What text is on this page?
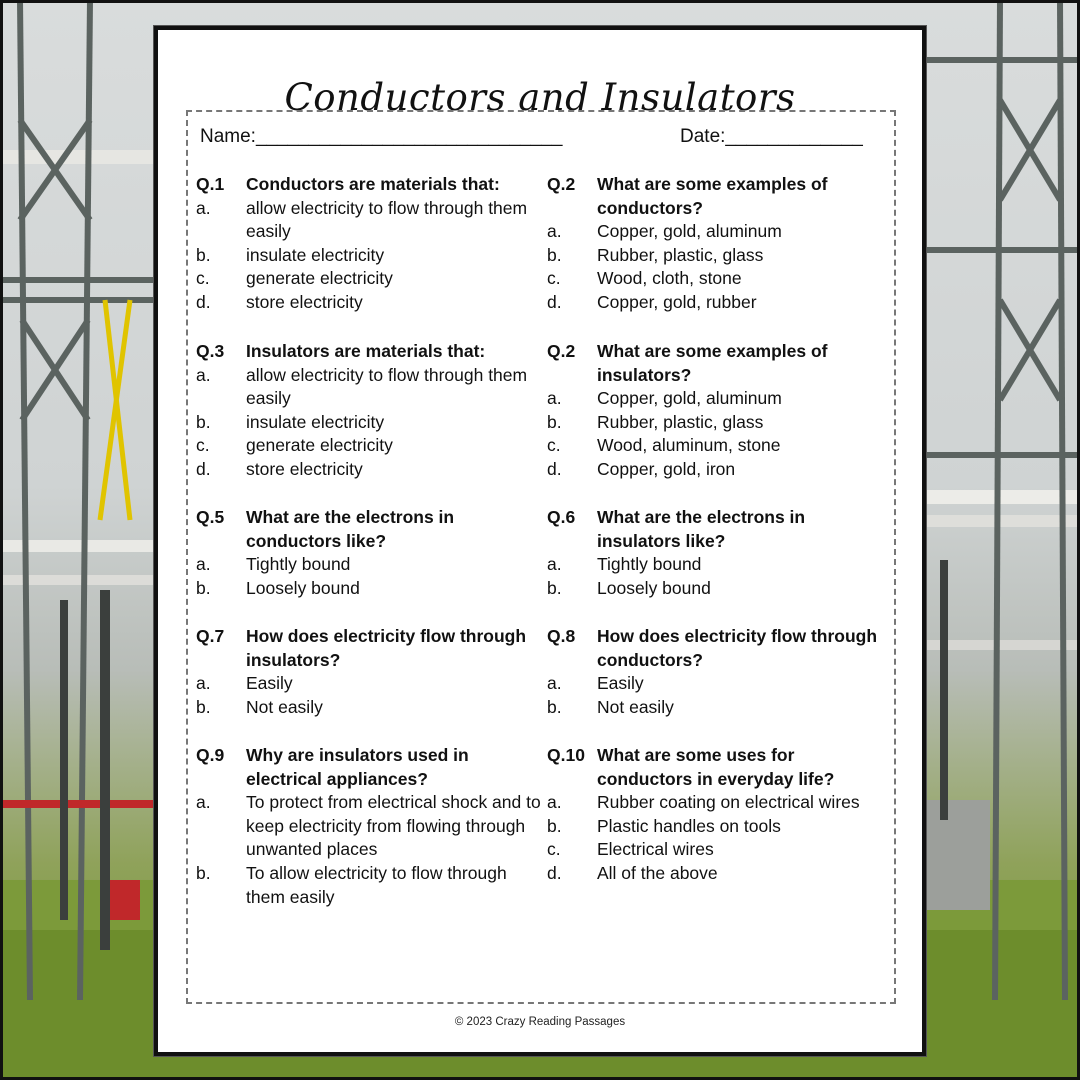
Conductors and Insulators
Name:_____________________________	Date:_____________
Q.1	Conductors are materials that:
a.	allow electricity to flow through them easily
b.	insulate electricity
c.	generate electricity
d.	store electricity
Q.2	What are some examples of conductors?
a.	Copper, gold, aluminum
b.	Rubber, plastic, glass
c.	Wood, cloth, stone
d.	Copper, gold, rubber
Q.3	Insulators are materials that:
a.	allow electricity to flow through them easily
b.	insulate electricity
c.	generate electricity
d.	store electricity
Q.2	What are some examples of insulators?
a.	Copper, gold, aluminum
b.	Rubber, plastic, glass
c.	Wood, aluminum, stone
d.	Copper, gold, iron
Q.5	What are the electrons in conductors like?
a.	Tightly bound
b.	Loosely bound
Q.6	What are the electrons in insulators like?
a.	Tightly bound
b.	Loosely bound
Q.7	How does electricity flow through insulators?
a.	Easily
b.	Not easily
Q.8	How does electricity flow through conductors?
a.	Easily
b.	Not easily
Q.9	Why are insulators used in electrical appliances?
a.	To protect from electrical shock and to keep electricity from flowing through unwanted places
b.	To allow electricity to flow through them easily
Q.10 What are some uses for conductors in everyday life?
a.	Rubber coating on electrical wires
b.	Plastic handles on tools
c.	Electrical wires
d.	All of the above
© 2023 Crazy Reading Passages
